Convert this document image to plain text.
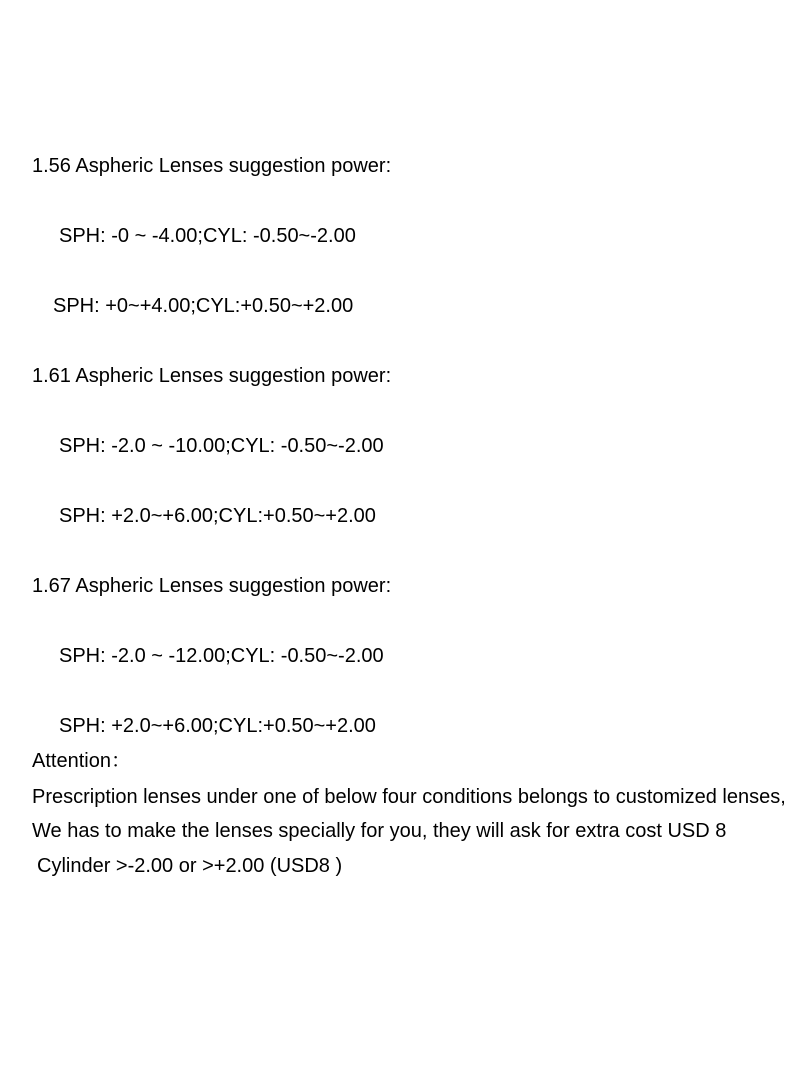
1.56 Aspheric Lenses suggestion power:

SPH: -0 ~ -4.00;CYL: -0.50~-2.00

SPH: +0~+4.00;CYL:+0.50~+2.00

1.61 Aspheric Lenses suggestion power:

SPH: -2.0 ~ -10.00;CYL: -0.50~-2.00

SPH: +2.0~+6.00;CYL:+0.50~+2.00

1.67 Aspheric Lenses suggestion power:

SPH: -2.0 ~ -12.00;CYL: -0.50~-2.00

SPH: +2.0~+6.00;CYL:+0.50~+2.00

Attention：

Prescription lenses under one of below four conditions belongs to customized lenses,

We has to make the lenses specially for you, they will ask for extra cost USD 8

Cylinder >-2.00 or >+2.00 (USD8 )
